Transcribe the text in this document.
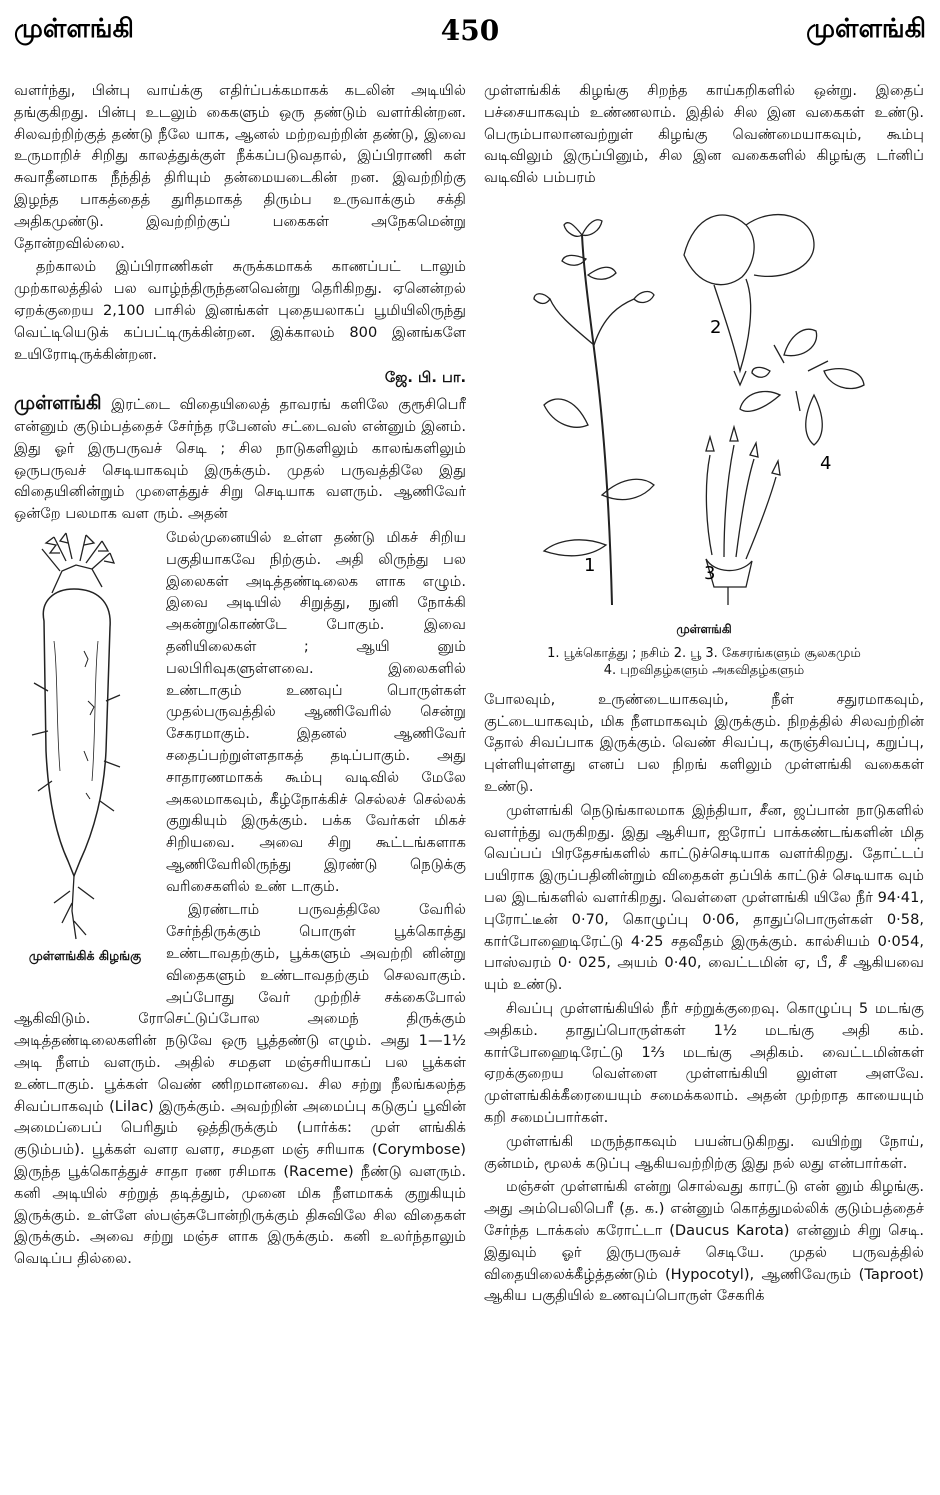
முள்ளங்கி	450	முள்ளங்கி

வளர்ந்து, பின்பு வாய்க்கு எதிர்ப்பக்கமாகக் கடலின் அடியில் தங்குகிறது. பின்பு உடலும் கைகளும் ஒரு தண்டும் வளர்கின்றன. சிலவற்றிற்குத் தண்டு நீலே யாக, ஆனல் மற்றவற்றின் தண்டு, இவை உருமாறிச் சிறிது காலத்துக்குள் நீக்கப்படுவதால், இப்பிராணி கள் சுவாதீனமாக நீந்தித் திரியும் தன்மையடைகின் றன. இவற்றிற்கு இழந்த பாகத்தைத் துரிதமாகத் திரும்ப உருவாக்கும் சக்தி அதிகமுண்டு. இவற்றிற்குப் பகைகள் அநேகமென்று தோன்றவில்லை.

தற்காலம் இப்பிராணிகள் சுருக்கமாகக் காணப்பட் டாலும் முற்காலத்தில் பல வாழ்ந்திருந்தனவென்று தெரிகிறது. ஏனென்றல் ஏறக்குறைய 2,100 பாசில் இனங்கள் புதையலாகப் பூமியிலிருந்து வெட்டியெடுக் கப்பட்டிருக்கின்றன. இக்காலம் 800 இனங்களே உயிரோடிருக்கின்றன.

ஜே. பி. பா.

முள்ளங்கி இரட்டை விதையிலைத் தாவரங் களிலே குரூசிபெரீ என்னும் குடும்பத்தைச் சேர்ந்த ரபேனஸ் சட்டைவஸ் என்னும் இனம். இது ஓர் இருபருவச் செடி ; சில நாடுகளிலும் காலங்களிலும் ஒருபருவச் செடியாகவும் இருக்கும். முதல் பருவத்திலே இது விதையினின்றும் முளைத்துச் சிறு செடியாக வளரும். ஆணிவேர் ஒன்றே பலமாக வள ரும். அதன்

முள்ளங்கிக் கிழங்கு

மேல்முனையில் உள்ள தண்டு மிகச் சிறிய பகுதியாகவே நிற்கும். அதி லிருந்து பல இலைகள் அடித்தண்டிலைக ளாக எழும். இவை அடியில் சிறுத்து, நுனி நோக்கி அகன்றுகொண்டே போகும். இவை தனியிலைகள் ; ஆயி னும் பலபிரிவுகளுள்ளவை. இலைகளில் உண்டாகும் உணவுப் பொருள்கள் முதல்பருவத்தில் ஆணிவேரில் சென்று சேகரமாகும். இதனல் ஆணிவேர் சதைப்பற்றுள்ளதாகத் தடிப்பாகும். அது சாதாரணமாகக் கூம்பு வடிவில் மேலே அகலமாகவும், கீழ்நோக்கிச் செல்லச் செல்லக் குறுகியும் இருக்கும். பக்க வேர்கள் மிகச் சிறியவை. அவை சிறு கூட்டங்களாக ஆணிவேரிலிருந்து இரண்டு நெடுக்கு வரிசைகளில் உண் டாகும்.

இரண்டாம் பருவத்திலே வேரில் சேர்ந்திருக்கும் பொருள் பூக்கொத்து உண்டாவதற்கும், பூக்களும் அவற்றி னின்று விதைகளும் உண்டாவதற்கும் செலவாகும். அப்போது வேர் முற்றிச் சக்கைபோல் ஆகிவிடும். ரோசெட்டுப்போல அமைந் திருக்கும் அடித்தண்டிலைகளின் நடுவே ஒரு பூத்தண்டு எழும். அது 1—1½ அடி நீளம் வளரும். அதில் சமதள மஞ்சரியாகப் பல பூக்கள் உண்டாகும். பூக்கள் வெண் ணிறமானவை. சில சற்று நீலங்கலந்த சிவப்பாகவும் (Lilac) இருக்கும். அவற்றின் அமைப்பு கடுகுப் பூவின் அமைப்பைப் பெரிதும் ஒத்திருக்கும் (பார்க்க: முள் ளங்கிக் குடும்பம்). பூக்கள் வளர வளர, சமதள மஞ் சரியாக (Corymbose) இருந்த பூக்கொத்துச் சாதா ரண ரசிமாக (Raceme) நீண்டு வளரும். கனி அடியில் சற்றுத் தடித்தும், முனை மிக நீளமாகக் குறுகியும் இருக்கும். உள்ளே ஸ்பஞ்சுபோன்றிருக்கும் திசுவிலே சில விதைகள் இருக்கும். அவை சற்று மஞ்ச ளாக இருக்கும். கனி உலர்ந்தாலும் வெடிப்ப தில்லை.

முள்ளங்கிக் கிழங்கு சிறந்த காய்கறிகளில் ஒன்று. இதைப் பச்சையாகவும் உண்ணலாம். இதில் சில இன வகைகள் உண்டு. பெரும்பாலானவற்றுள் கிழங்கு வெண்மையாகவும், கூம்பு வடிவிலும் இருப்பினும், சில இன வகைகளில் கிழங்கு டர்னிப் வடிவில் பம்பரம்

1
2
3
4
முள்ளங்கி
1. பூக்கொத்து ; நசிம் 2. பூ 3. கேசரங்களும் சூலகமும்
4. புறவிதழ்களும் அகவிதழ்களும்

போலவும், உருண்டையாகவும், நீள் சதுரமாகவும், குட்டையாகவும், மிக நீளமாகவும் இருக்கும். நிறத்தில் சிலவற்றின் தோல் சிவப்பாக இருக்கும். வெண் சிவப்பு, கருஞ்சிவப்பு, கறுப்பு, புள்ளியுள்ளது எனப் பல நிறங் களிலும் முள்ளங்கி வகைகள் உண்டு.

முள்ளங்கி நெடுங்காலமாக இந்தியா, சீன, ஜப்பான் நாடுகளில் வளர்ந்து வருகிறது. இது ஆசியா, ஐரோப் பாக்கண்டங்களின் மித வெப்பப் பிரதேசங்களில் காட்டுச்செடியாக வளர்கிறது. தோட்டப் பயிராக இருப்பதினின்றும் விதைகள் தப்பிக் காட்டுச் செடியாக வும் பல இடங்களில் வளர்கிறது. வெள்ளை முள்ளங்கி யிலே நீர் 94·41, புரோட்டீன் 0·70, கொழுப்பு 0·06, தாதுப்பொருள்கள் 0·58, கார்போஹைடிரேட்டு 4·25 சதவீதம் இருக்கும். கால்சியம் 0·054, பாஸ்வரம் 0· 025, அயம் 0·40, வைட்டமின் ஏ, பீ, சீ ஆகியவை யும் உண்டு.

சிவப்பு முள்ளங்கியில் நீர் சற்றுக்குறைவு. கொழுப்பு 5 மடங்கு அதிகம். தாதுப்பொருள்கள் 1½ மடங்கு அதி கம். கார்போஹைடிரேட்டு 1⅔ மடங்கு அதிகம். வைட்டமின்கள் ஏறக்குறைய வெள்ளை முள்ளங்கியி லுள்ள அளவே. முள்ளங்கிக்கீரையையும் சமைக்கலாம். அதன் முற்றாத காயையும் கறி சமைப்பார்கள்.

முள்ளங்கி மருந்தாகவும் பயன்படுகிறது. வயிற்று நோய், குன்மம், மூலக் கடுப்பு ஆகியவற்றிற்கு இது நல் லது என்பார்கள்.

மஞ்சள் முள்ளங்கி என்று சொல்வது காரட்டு என் னும் கிழங்கு. அது அம்பெலிபெரீ (த. க.) என்னும் கொத்துமல்லிக் குடும்பத்தைச் சேர்ந்த டாக்கஸ் கரோட்டா (Daucus Karota) என்னும் சிறு செடி. இதுவும் ஓர் இருபருவச் செடியே. முதல் பருவத்தில் விதையிலைக்கீழ்த்தண்டும் (Hypocotyl), ஆணிவேரும் (Taproot) ஆகிய பகுதியில் உணவுப்பொருள் சேகரிக்
